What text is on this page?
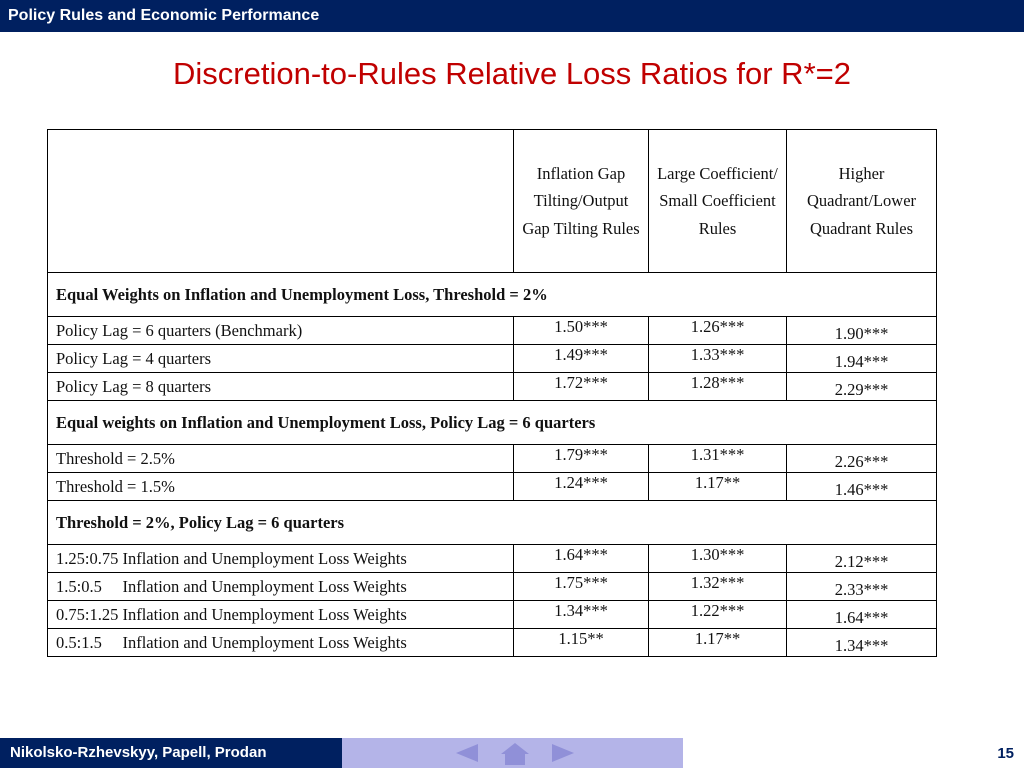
Policy Rules and Economic Performance
Discretion-to-Rules Relative Loss Ratios for R*=2
	Inflation Gap Tilting/Output Gap Tilting Rules	Large Coefficient/ Small Coefficient Rules	Higher Quadrant/Lower Quadrant Rules
Equal Weights on Inflation and Unemployment Loss, Threshold = 2%			
Policy Lag = 6 quarters (Benchmark)	1.50***	1.26***	1.90***
Policy Lag = 4 quarters	1.49***	1.33***	1.94***
Policy Lag = 8 quarters	1.72***	1.28***	2.29***
Equal weights on Inflation and Unemployment Loss, Policy Lag = 6 quarters			
Threshold = 2.5%	1.79***	1.31***	2.26***
Threshold = 1.5%	1.24***	1.17**	1.46***
Threshold = 2%, Policy Lag = 6 quarters			
1.25:0.75 Inflation and Unemployment Loss Weights	1.64***	1.30***	2.12***
1.5:0.5     Inflation and Unemployment Loss Weights	1.75***	1.32***	2.33***
0.75:1.25 Inflation and Unemployment Loss Weights	1.34***	1.22***	1.64***
0.5:1.5     Inflation and Unemployment Loss Weights	1.15**	1.17**	1.34***
Nikolsko-Rzhevskyy, Papell, Prodan	15
